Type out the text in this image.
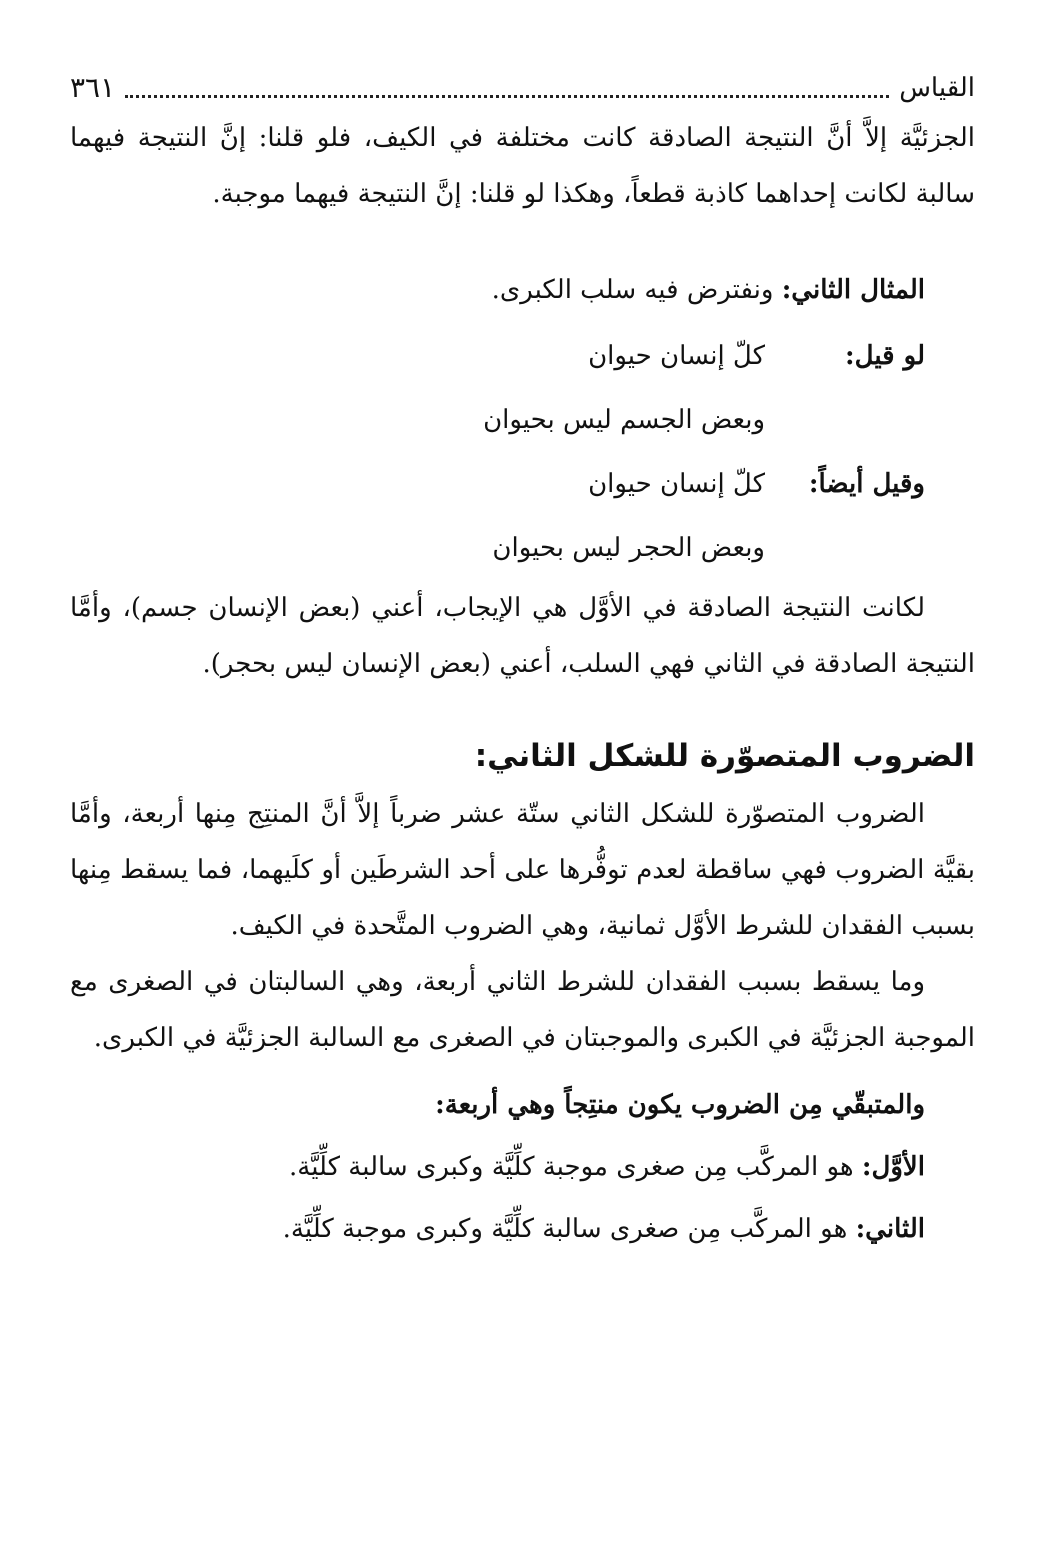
القياس
٣٦١

الجزئيَّة إلاَّ أنَّ النتيجة الصادقة كانت مختلفة في الكيف، فلو قلنا: إنَّ النتيجة فيهما سالبة لكانت إحداهما كاذبة قطعاً، وهكذا لو قلنا: إنَّ النتيجة فيهما موجبة.

المثال الثاني: ونفترض فيه سلب الكبرى.
لو قيل:
كلّ إنسان حيوان
وبعض الجسم ليس بحيوان
وقيل أيضاً:
كلّ إنسان حيوان
وبعض الحجر ليس بحيوان

لكانت النتيجة الصادقة في الأوَّل هي الإيجاب، أعني (بعض الإنسان جسم)، وأمَّا النتيجة الصادقة في الثاني فهي السلب، أعني (بعض الإنسان ليس بحجر).

الضروب المتصوّرة للشكل الثاني:

الضروب المتصوّرة للشكل الثاني ستّة عشر ضرباً إلاَّ أنَّ المنتِج مِنها أربعة، وأمَّا بقيَّة الضروب فهي ساقطة لعدم توفُّرها على أحد الشرطَين أو كلَيهما، فما يسقط مِنها بسبب الفقدان للشرط الأوَّل ثمانية، وهي الضروب المتَّحدة في الكيف.

وما يسقط بسبب الفقدان للشرط الثاني أربعة، وهي السالبتان في الصغرى مع الموجبة الجزئيَّة في الكبرى والموجبتان في الصغرى مع السالبة الجزئيَّة في الكبرى.

والمتبقّي مِن الضروب يكون منتِجاً وهي أربعة:
الأوَّل: هو المركَّب مِن صغرى موجبة كلِّيَّة وكبرى سالبة كلِّيَّة.
الثاني: هو المركَّب مِن صغرى سالبة كلِّيَّة وكبرى موجبة كلِّيَّة.
